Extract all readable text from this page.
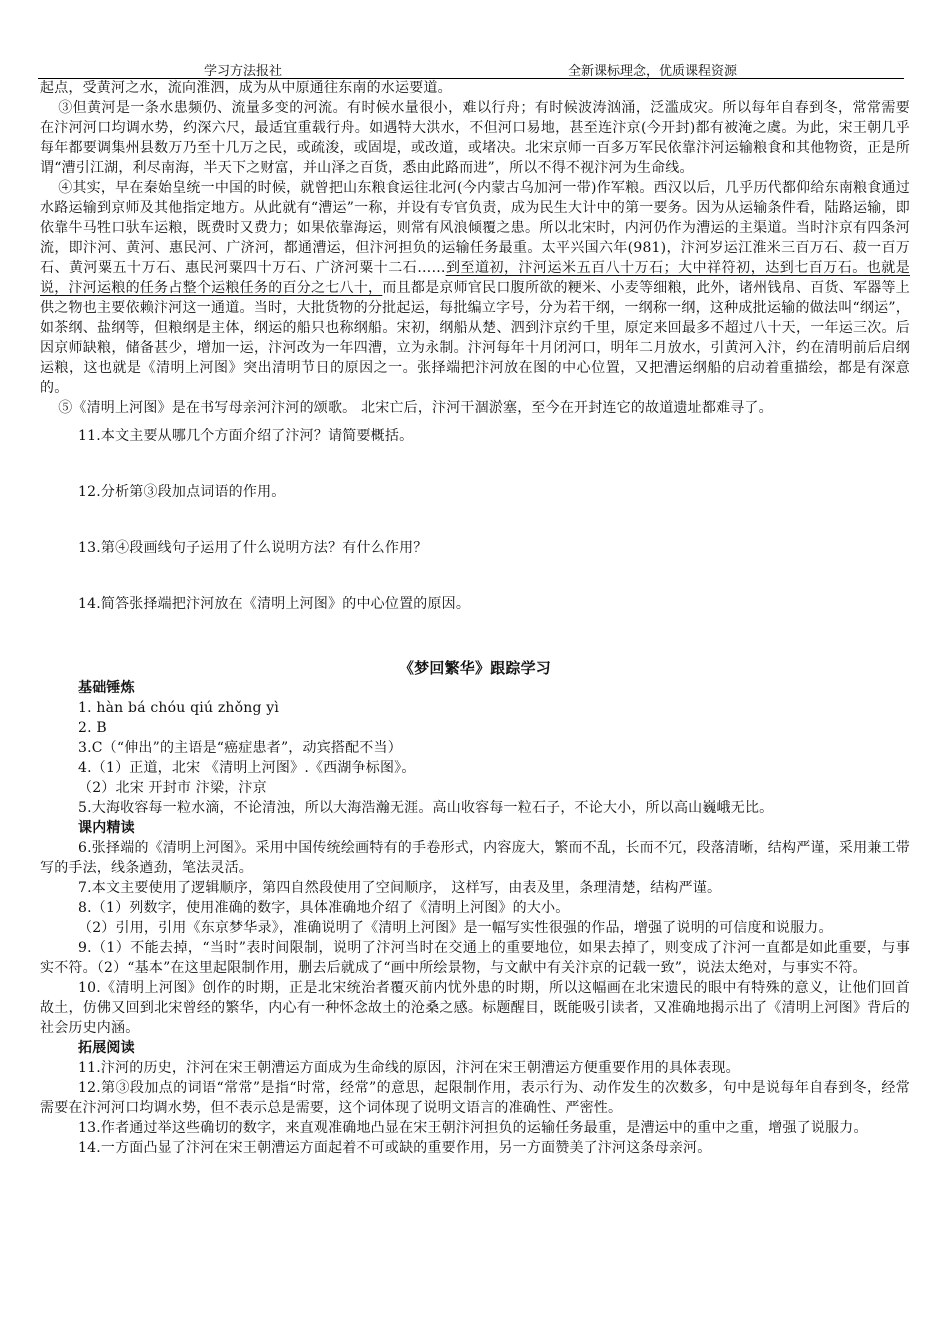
学习方法报社	全新课标理念，优质课程资源

起点，受黄河之水，流向淮泗，成为从中原通往东南的水运要道。

③但黄河是一条水患频仍、流量多变的河流。有时候水量很小，难以行舟；有时候波涛汹涌，泛滥成灾。所以每年自春到冬，常常需要在汴河河口均调水势，约深六尺，最适宜重载行舟。如遇特大洪水，不但河口易地，甚至连汴京(今开封)都有被淹之虞。为此，宋王朝几乎每年都要调集州县数万乃至十几万之民，或疏浚，或固堤，或改道，或堵决。北宋京师一百多万军民依靠汴河运输粮食和其他物资，正是所谓“漕引江湖，利尽南海，半天下之财富，并山泽之百货，悉由此路而进”，所以不得不视汴河为生命线。

④其实，早在秦始皇统一中国的时候，就曾把山东粮食运往北河(今内蒙古乌加河一带)作军粮。西汉以后，几乎历代都仰给东南粮食通过水路运输到京师及其他指定地方。从此就有“漕运”一称，并设有专官负责，成为民生大计中的第一要务。因为从运输条件看，陆路运输，即依靠牛马牲口驮车运粮，既费时又费力；如果依靠海运，则常有风浪倾覆之患。所以北宋时，内河仍作为漕运的主渠道。当时汴京有四条河流，即汴河、黄河、惠民河、广济河，都通漕运，但汴河担负的运输任务最重。太平兴国六年(981)，汴河岁运江淮米三百万石、菽一百万石、黄河粟五十万石、惠民河粟四十万石、广济河粟十二石……到至道初，汴河运米五百八十万石；大中祥符初，达到七百万石。也就是说，汴河运粮的任务占整个运粮任务的百分之七八十，而且都是京师官民口腹所欲的粳米、小麦等细粮，此外，诸州钱帛、百货、军器等上供之物也主要依赖汴河这一通道。当时，大批货物的分批起运，每批编立字号，分为若干纲，一纲称一纲，这种成批运输的做法叫“纲运”，如茶纲、盐纲等，但粮纲是主体，纲运的船只也称纲船。宋初，纲船从楚、泗到汴京约千里，原定来回最多不超过八十天，一年运三次。后因京师缺粮，储备甚少，增加一运，汴河改为一年四漕，立为永制。汴河每年十月闭河口，明年二月放水，引黄河入汴，约在清明前后启纲运粮，这也就是《清明上河图》突出清明节日的原因之一。张择端把汴河放在图的中心位置，又把漕运纲船的启动着重描绘，都是有深意的。

⑤《清明上河图》是在书写母亲河汴河的颂歌。 北宋亡后，汴河干涸淤塞，至今在开封连它的故道遗址都难寻了。

11.本文主要从哪几个方面介绍了汴河？请简要概括。

12.分析第③段加点词语的作用。

13.第④段画线句子运用了什么说明方法？有什么作用？

14.简答张择端把汴河放在《清明上河图》的中心位置的原因。

《梦回繁华》跟踪学习

基础锤炼

1. hàn bá chóu qiú zhǒng yì

2. B

3.C（“伸出”的主语是“癌症患者”，动宾搭配不当）

4.（1）正道，北宋 《清明上河图》.《西湖争标图》。

（2）北宋 开封市 汴梁，汴京

5.大海收容每一粒水滴，不论清浊，所以大海浩瀚无涯。高山收容每一粒石子，不论大小，所以高山巍峨无比。

课内精读

6.张择端的《清明上河图》。采用中国传统绘画特有的手卷形式，内容庞大，繁而不乱，长而不冗，段落清晰，结构严谨，采用兼工带写的手法，线条遒劲，笔法灵活。

7.本文主要使用了逻辑顺序，第四自然段使用了空间顺序， 这样写，由表及里，条理清楚，结构严谨。

8.（1）列数字，使用准确的数字，具体准确地介绍了《清明上河图》的大小。

（2）引用，引用《东京梦华录》，准确说明了《清明上河图》是一幅写实性很强的作品，增强了说明的可信度和说服力。

9.（1）不能去掉，“当时”表时间限制，说明了汴河当时在交通上的重要地位，如果去掉了，则变成了汴河一直都是如此重要，与事实不符。（2）“基本”在这里起限制作用，删去后就成了“画中所绘景物，与文献中有关汴京的记载一致”，说法太绝对，与事实不符。

10.《清明上河图》创作的时期，正是北宋统治者覆灭前内忧外患的时期，所以这幅画在北宋遗民的眼中有特殊的意义，让他们回首故土，仿佛又回到北宋曾经的繁华，内心有一种怀念故土的沧桑之感。标题醒目，既能吸引读者，又准确地揭示出了《清明上河图》背后的社会历史内涵。

拓展阅读

11.汴河的历史，汴河在宋王朝漕运方面成为生命线的原因，汴河在宋王朝漕运方便重要作用的具体表现。

12.第③段加点的词语“常常”是指“时常，经常”的意思，起限制作用，表示行为、动作发生的次数多，句中是说每年自春到冬，经常需要在汴河河口均调水势，但不表示总是需要，这个词体现了说明文语言的准确性、严密性。

13.作者通过举这些确切的数字，来直观准确地凸显在宋王朝汴河担负的运输任务最重，是漕运中的重中之重，增强了说服力。

14.一方面凸显了汴河在宋王朝漕运方面起着不可或缺的重要作用，另一方面赞美了汴河这条母亲河。
